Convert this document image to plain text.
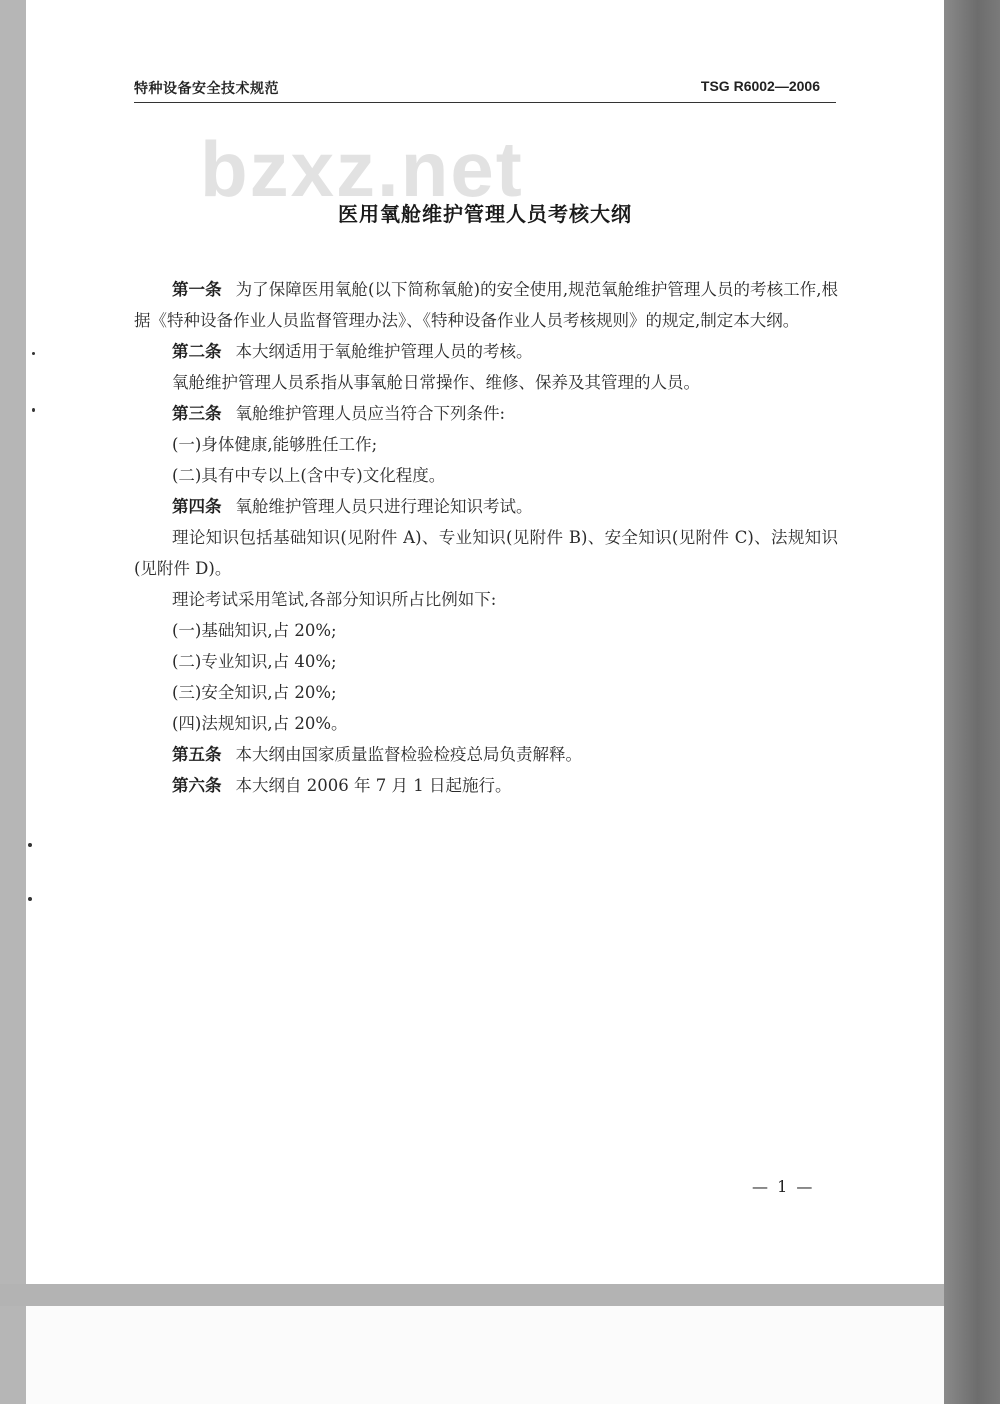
特种设备安全技术规范	TSG R6002—2006
bzxz.net
医用氧舱维护管理人员考核大纲

第一条 为了保障医用氧舱(以下简称氧舱)的安全使用,规范氧舱维护管理人员的考核工作,根据《特种设备作业人员监督管理办法》、《特种设备作业人员考核规则》的规定,制定本大纲。

第二条 本大纲适用于氧舱维护管理人员的考核。

氧舱维护管理人员系指从事氧舱日常操作、维修、保养及其管理的人员。

第三条 氧舱维护管理人员应当符合下列条件:

(一)身体健康,能够胜任工作;

(二)具有中专以上(含中专)文化程度。

第四条 氧舱维护管理人员只进行理论知识考试。

理论知识包括基础知识(见附件 A)、专业知识(见附件 B)、安全知识(见附件 C)、法规知识(见附件 D)。

理论考试采用笔试,各部分知识所占比例如下:

(一)基础知识,占 20%;

(二)专业知识,占 40%;

(三)安全知识,占 20%;

(四)法规知识,占 20%。

第五条 本大纲由国家质量监督检验检疫总局负责解释。

第六条 本大纲自 2006 年 7 月 1 日起施行。

— 1 —
